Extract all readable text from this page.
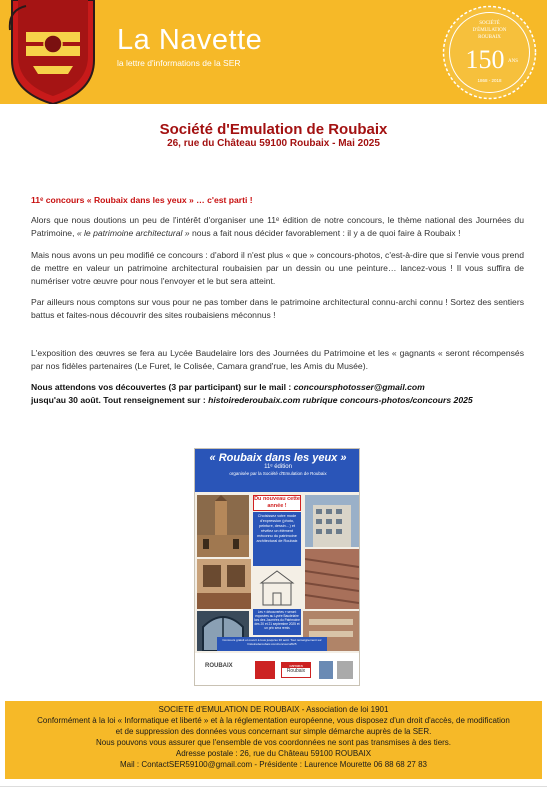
La Navette
la lettre d'informations de la SER
SOCIÉTÉ
D'ÉMULATION
ROUBAIX
150 ANS
1868 - 2018
Société d'Emulation de Roubaix
26, rue du Château 59100 Roubaix - Mai 2025
11ᵉ concours « Roubaix dans les yeux » … c'est parti !

Alors que nous doutions un peu de l'intérêt d'organiser une 11ᵉ édition de notre concours, le thème national des Journées du Patrimoine, « le patrimoine architectural » nous a fait nous décider favorablement : il y a de quoi faire à Roubaix !

Mais nous avons un peu modifié ce concours : d'abord il n'est plus « que » concours-photos, c'est-à-dire que si l'envie vous prend de mettre en valeur un patrimoine architectural roubaisien par un dessin ou une peinture… lancez-vous ! Il vous suffira de numériser votre œuvre pour nous l'envoyer et le but sera atteint.

Par ailleurs nous comptons sur vous pour ne pas tomber dans le patrimoine architectural connu-archi connu ! Sortez des sentiers battus et faites-nous découvrir des sites roubaisiens méconnus !

L'exposition des œuvres se fera au Lycée Baudelaire lors des Journées du Patrimoine et les « gagnants « seront récompensés par nos fidèles partenaires (Le Furet, le Colisée, Camara grand'rue, les Amis du Musée).

Nous attendons vos découvertes (3 par participant) sur le mail : concoursphotosser@gmail.com
jusqu'au 30 août. Tout renseignement sur : histoirederoubaix.com rubrique concours-photos/concours 2025
« Roubaix dans les yeux »
11ᵉ édition
organisée par la Société d'Emulation de Roubaix
Du nouveau cette année !
Choisissez votre mode d'expression (photo, peinture, dessin…) et révélez un élément méconnu du patrimoine architectural de Roubaix
Les « découvertes » seront exposées au Lycée Baudelaire lors des Journées du Patrimoine des 20 et 21 septembre 2025 et un prix sera remis
Concours gratuit et ouvert à tous jusqu'au 30 août. Tout renseignement sur histoirederoubaix.com/concours2025
ROUBAIX	camara
Roubaix
SOCIETE d'EMULATION DE ROUBAIX - Association de loi 1901
Conformément à la loi « Informatique et liberté » et à la réglementation européenne, vous disposez d'un droit d'accès, de modification
et de suppression des données vous concernant sur simple démarche auprès de la SER.
Nous pouvons vous assurer que l'ensemble de vos coordonnées ne sont pas transmises à des tiers.
Adresse postale : 26, rue du Château 59100 ROUBAIX
Mail : ContactSER59100@gmail.com - Présidente : Laurence Mourette 06 88 68 27 83
